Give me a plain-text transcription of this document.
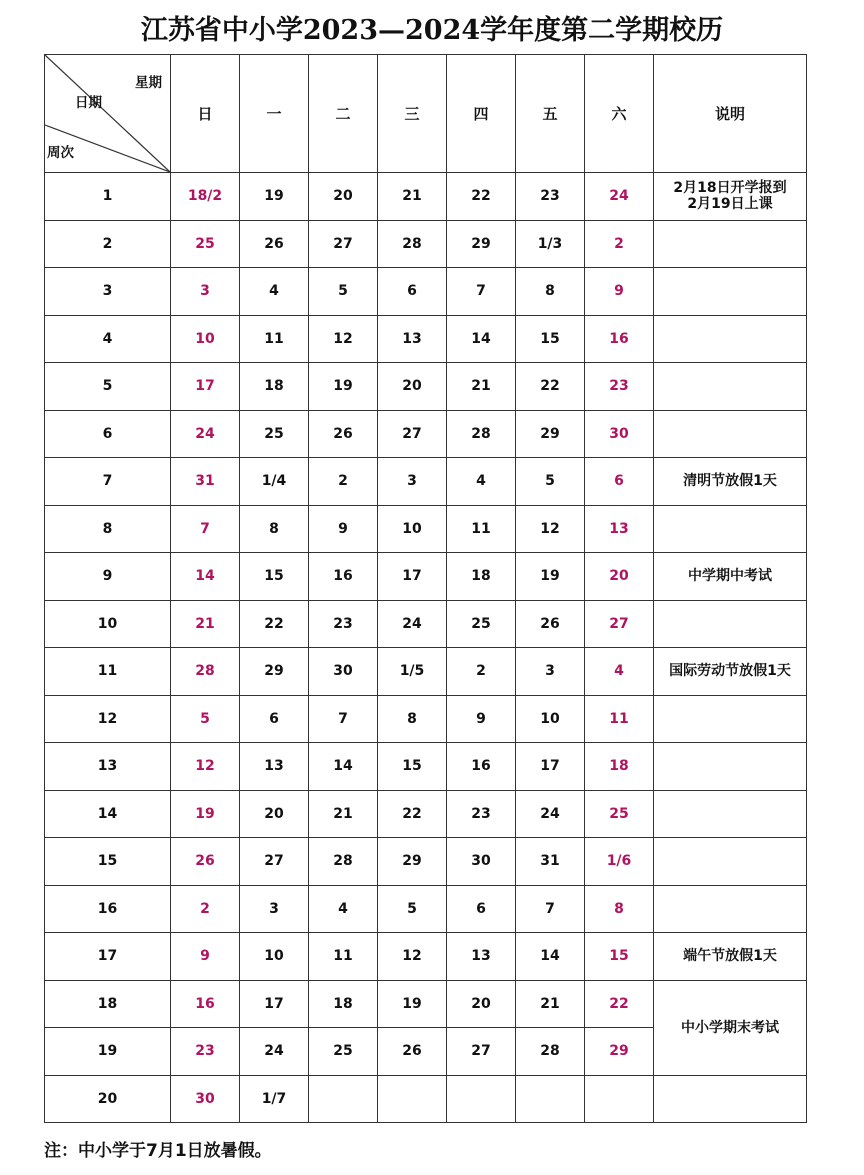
江苏省中小学2023—2024学年度第二学期校历
星期
日期
周次	日	一	二	三	四	五	六	说明
1	18/2	19	20	21	22	23	24	2月18日开学报到
2月19日上课
2	25	26	27	28	29	1/3	2	
3	3	4	5	6	7	8	9	
4	10	11	12	13	14	15	16	
5	17	18	19	20	21	22	23	
6	24	25	26	27	28	29	30	
7	31	1/4	2	3	4	5	6	清明节放假1天
8	7	8	9	10	11	12	13	
9	14	15	16	17	18	19	20	中学期中考试
10	21	22	23	24	25	26	27	
11	28	29	30	1/5	2	3	4	国际劳动节放假1天
12	5	6	7	8	9	10	11	
13	12	13	14	15	16	17	18	
14	19	20	21	22	23	24	25	
15	26	27	28	29	30	31	1/6	
16	2	3	4	5	6	7	8	
17	9	10	11	12	13	14	15	端午节放假1天
18	16	17	18	19	20	21	22	中小学期末考试
19	23	24	25	26	27	28	29	
20	30	1/7						
注：中小学于7月1日放暑假。
